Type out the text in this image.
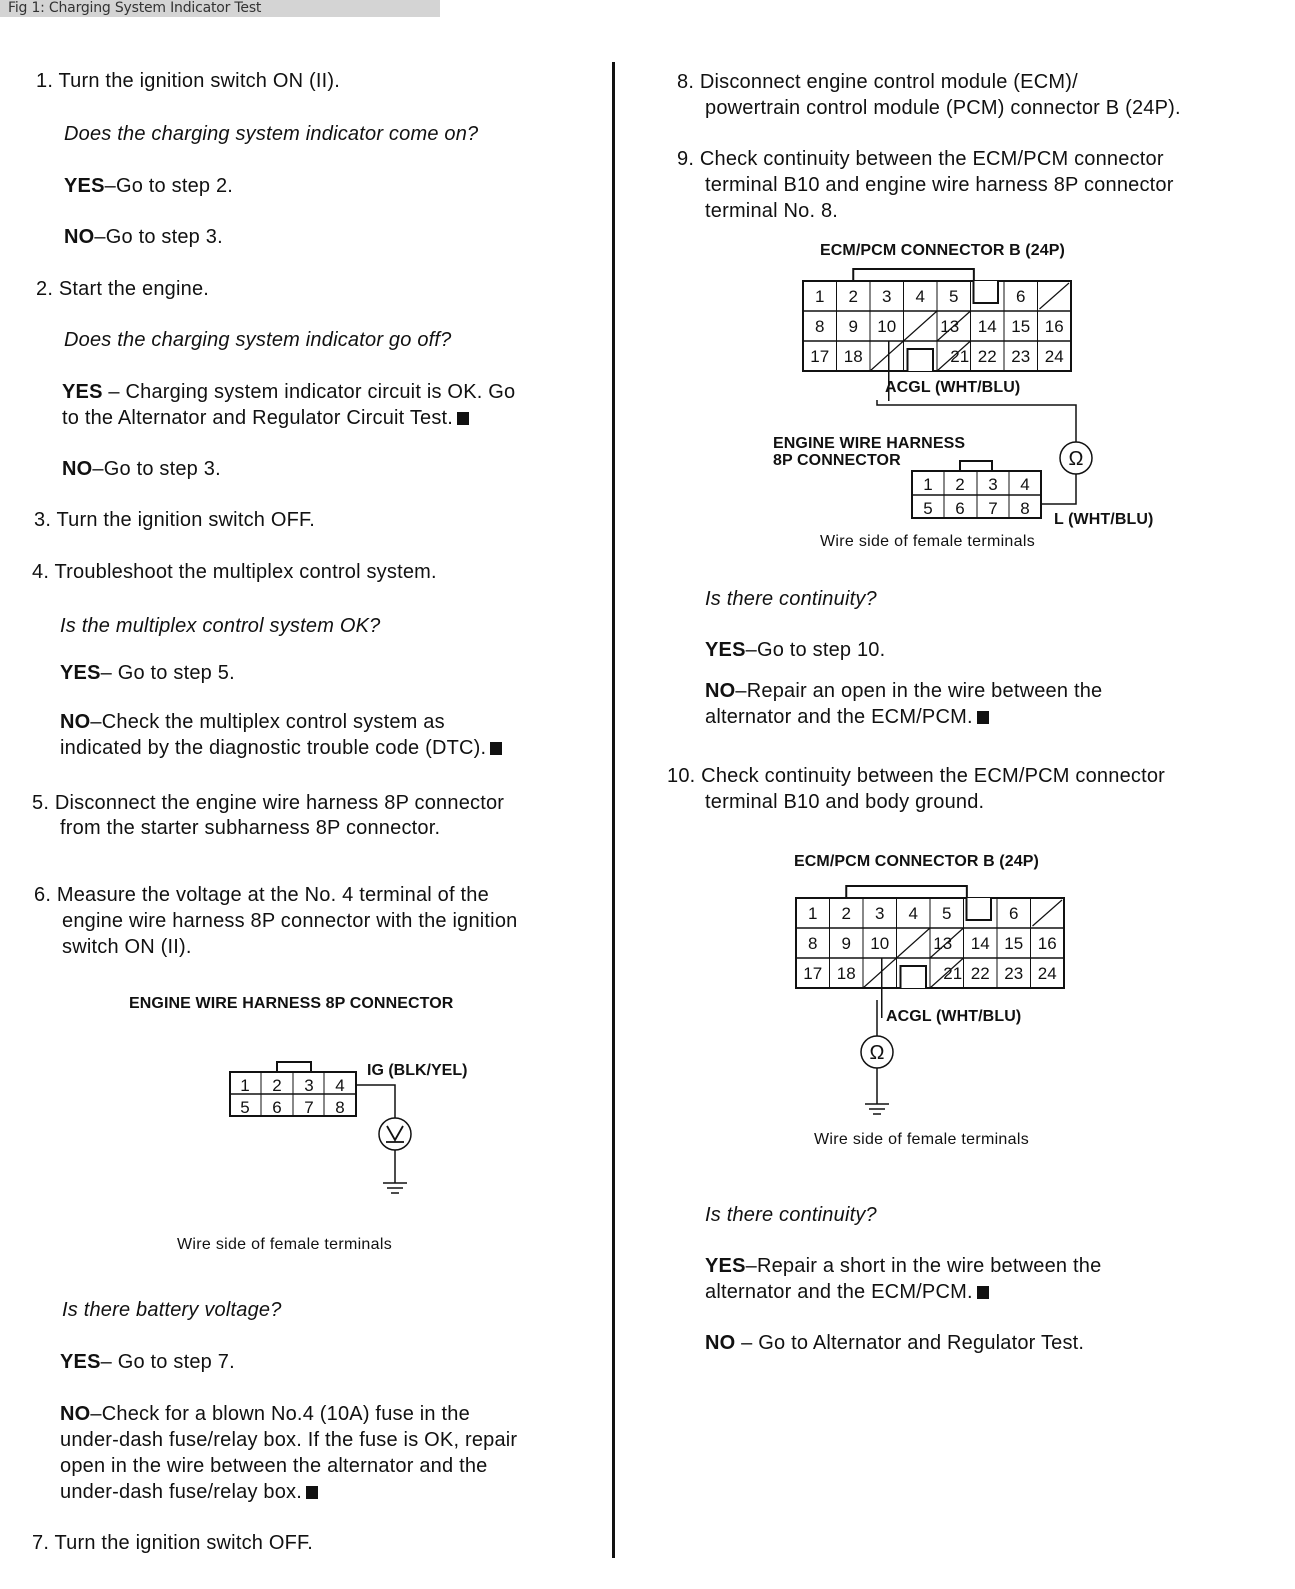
Fig 1: Charging System Indicator Test
1. Turn the ignition switch ON (II).
Does the charging system indicator come on?
YES–Go to step 2.
NO–Go to step 3.
2. Start the engine.
Does the charging system indicator go off?
YES – Charging system indicator circuit is OK. Go
to the Alternator and Regulator Circuit Test.
NO–Go to step 3.
3. Turn the ignition switch OFF.
4. Troubleshoot the multiplex control system.
Is the multiplex control system OK?
YES– Go to step 5.
NO–Check the multiplex control system as
indicated by the diagnostic trouble code (DTC).
5. Disconnect the engine wire harness 8P connector
from the starter subharness 8P connector.
6. Measure the voltage at the No. 4 terminal of the
engine wire harness 8P connector with the ignition
switch ON (II).
ENGINE WIRE HARNESS 8P CONNECTOR
1 2 3 4
5 6 7 8
IG (BLK/YEL)
Wire side of female terminals
Is there battery voltage?
YES– Go to step 7.
NO–Check for a blown No.4 (10A) fuse in the
under-dash fuse/relay box. If the fuse is OK, repair
open in the wire between the alternator and the
under-dash fuse/relay box.
7. Turn the ignition switch OFF.
8. Disconnect engine control module (ECM)/
powertrain control module (PCM) connector B (24P).
9. Check continuity between the ECM/PCM connector
terminal B10 and engine wire harness 8P connector
terminal No. 8.
ECM/PCM CONNECTOR B (24P)
1 2 3 4 5	6
8 9 10	13 14 15 16
17 18	21 22 23 24
ACGL (WHT/BLU)
Ω
ENGINE WIRE HARNESS
8P CONNECTOR
1 2 3 4
5 6 7 8
L (WHT/BLU)
Wire side of female terminals
Is there continuity?
YES–Go to step 10.
NO–Repair an open in the wire between the
alternator and the ECM/PCM.
10. Check continuity between the ECM/PCM connector
terminal B10 and body ground.
ECM/PCM CONNECTOR B (24P)
1 2 3 4 5	6
8 9 10	13 14 15 16
17 18	21 22 23 24
ACGL (WHT/BLU)
Ω
Wire side of female terminals
Is there continuity?
YES–Repair a short in the wire between the
alternator and the ECM/PCM.
NO – Go to Alternator and Regulator Test.
